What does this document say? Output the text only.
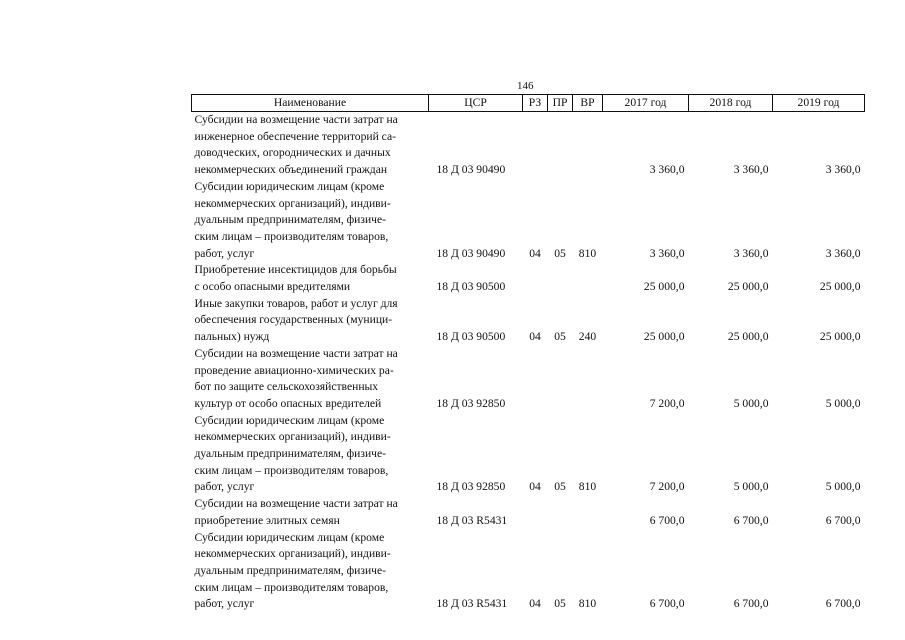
146
Наименование	ЦСР	РЗ	ПР	ВР	2017 год	2018 год	2019 год
Субсидии на возмещение части затрат на
инженерное обеспечение территорий са-
доводческих, огороднических и дачных
некоммерческих объединений граждан	18 Д 03 90490				3 360,0	3 360,0	3 360,0
Субсидии юридическим лицам (кроме
некоммерческих организаций), индиви-
дуальным предпринимателям, физиче-
ским лицам – производителям товаров,
работ, услуг	18 Д 03 90490	04	05	810	3 360,0	3 360,0	3 360,0
Приобретение инсектицидов для борьбы
с особо опасными вредителями	18 Д 03 90500				25 000,0	25 000,0	25 000,0
Иные закупки товаров, работ и услуг для
обеспечения государственных (муници-
пальных) нужд	18 Д 03 90500	04	05	240	25 000,0	25 000,0	25 000,0
Субсидии на возмещение части затрат на
проведение авиационно-химических ра-
бот по защите сельскохозяйственных
культур от особо опасных вредителей	18 Д 03 92850				7 200,0	5 000,0	5 000,0
Субсидии юридическим лицам (кроме
некоммерческих организаций), индиви-
дуальным предпринимателям, физиче-
ским лицам – производителям товаров,
работ, услуг	18 Д 03 92850	04	05	810	7 200,0	5 000,0	5 000,0
Субсидии на возмещение части затрат на
приобретение элитных семян	18 Д 03 R5431				6 700,0	6 700,0	6 700,0
Субсидии юридическим лицам (кроме
некоммерческих организаций), индиви-
дуальным предпринимателям, физиче-
ским лицам – производителям товаров,
работ, услуг	18 Д 03 R5431	04	05	810	6 700,0	6 700,0	6 700,0
